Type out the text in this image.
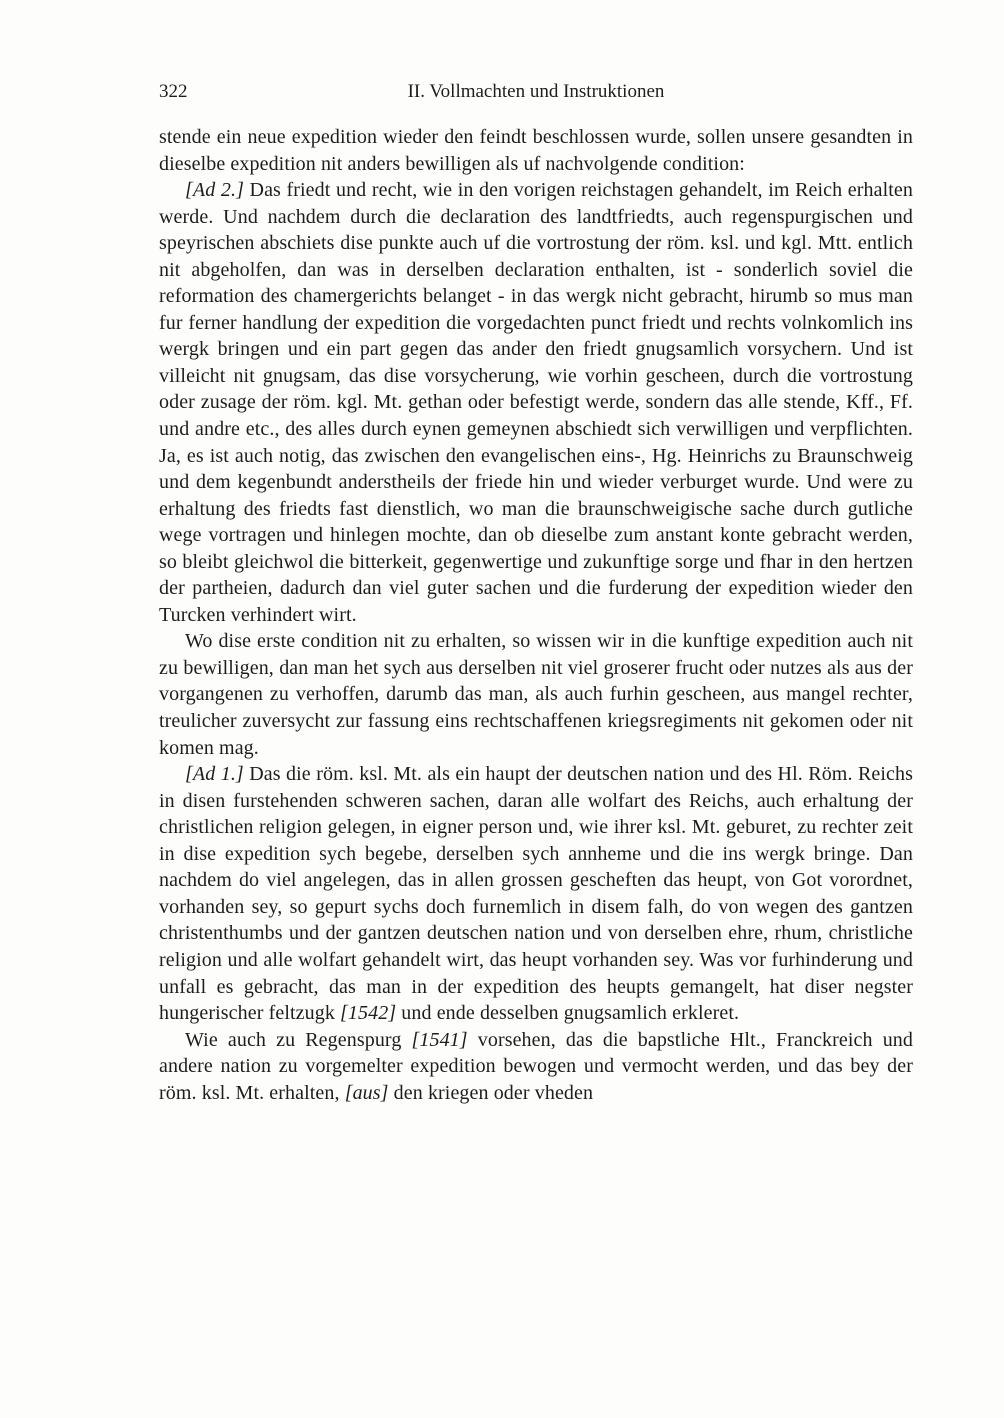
322	II. Vollmachten und Instruktionen

stende ein neue expedition wieder den feindt beschlossen wurde, sollen unsere gesandten in dieselbe expedition nit anders bewilligen als uf nachvolgende condition:

[Ad 2.] Das friedt und recht, wie in den vorigen reichstagen gehandelt, im Reich erhalten werde. Und nachdem durch die declaration des landtfriedts, auch regenspurgischen und speyrischen abschiets dise punkte auch uf die vortrostung der röm. ksl. und kgl. Mtt. entlich nit abgeholfen, dan was in derselben declaration enthalten, ist - sonderlich soviel die reformation des chamergerichts belanget - in das wergk nicht gebracht, hirumb so mus man fur ferner handlung der expedition die vorgedachten punct friedt und rechts volnkomlich ins wergk bringen und ein part gegen das ander den friedt gnugsamlich vorsychern. Und ist villeicht nit gnugsam, das dise vorsycherung, wie vorhin gescheen, durch die vortrostung oder zusage der röm. kgl. Mt. gethan oder befestigt werde, sondern das alle stende, Kff., Ff. und andre etc., des alles durch eynen gemeynen abschiedt sich verwilligen und verpflichten. Ja, es ist auch notig, das zwischen den evangelischen eins-, Hg. Heinrichs zu Braunschweig und dem kegenbundt anderstheils der friede hin und wieder verburget wurde. Und were zu erhaltung des friedts fast dienstlich, wo man die braunschweigische sache durch gutliche wege vortragen und hinlegen mochte, dan ob dieselbe zum anstant konte gebracht werden, so bleibt gleichwol die bitterkeit, gegenwertige und zukunftige sorge und fhar in den hertzen der partheien, dadurch dan viel guter sachen und die furderung der expedition wieder den Turcken verhindert wirt.

Wo dise erste condition nit zu erhalten, so wissen wir in die kunftige expedition auch nit zu bewilligen, dan man het sych aus derselben nit viel groserer frucht oder nutzes als aus der vorgangenen zu verhoffen, darumb das man, als auch furhin gescheen, aus mangel rechter, treulicher zuversycht zur fassung eins rechtschaffenen kriegsregiments nit gekomen oder nit komen mag.

[Ad 1.] Das die röm. ksl. Mt. als ein haupt der deutschen nation und des Hl. Röm. Reichs in disen furstehenden schweren sachen, daran alle wolfart des Reichs, auch erhaltung der christlichen religion gelegen, in eigner person und, wie ihrer ksl. Mt. geburet, zu rechter zeit in dise expedition sych begebe, derselben sych annheme und die ins wergk bringe. Dan nachdem do viel angelegen, das in allen grossen gescheften das heupt, von Got vorordnet, vorhanden sey, so gepurt sychs doch furnemlich in disem falh, do von wegen des gantzen christenthumbs und der gantzen deutschen nation und von derselben ehre, rhum, christliche religion und alle wolfart gehandelt wirt, das heupt vorhanden sey. Was vor furhinderung und unfall es gebracht, das man in der expedition des heupts gemangelt, hat diser negster hungerischer feltzugk [1542] und ende desselben gnugsamlich erkleret.

Wie auch zu Regenspurg [1541] vorsehen, das die bapstliche Hlt., Franckreich und andere nation zu vorgemelter expedition bewogen und vermocht werden, und das bey der röm. ksl. Mt. erhalten, [aus] den kriegen oder vheden
